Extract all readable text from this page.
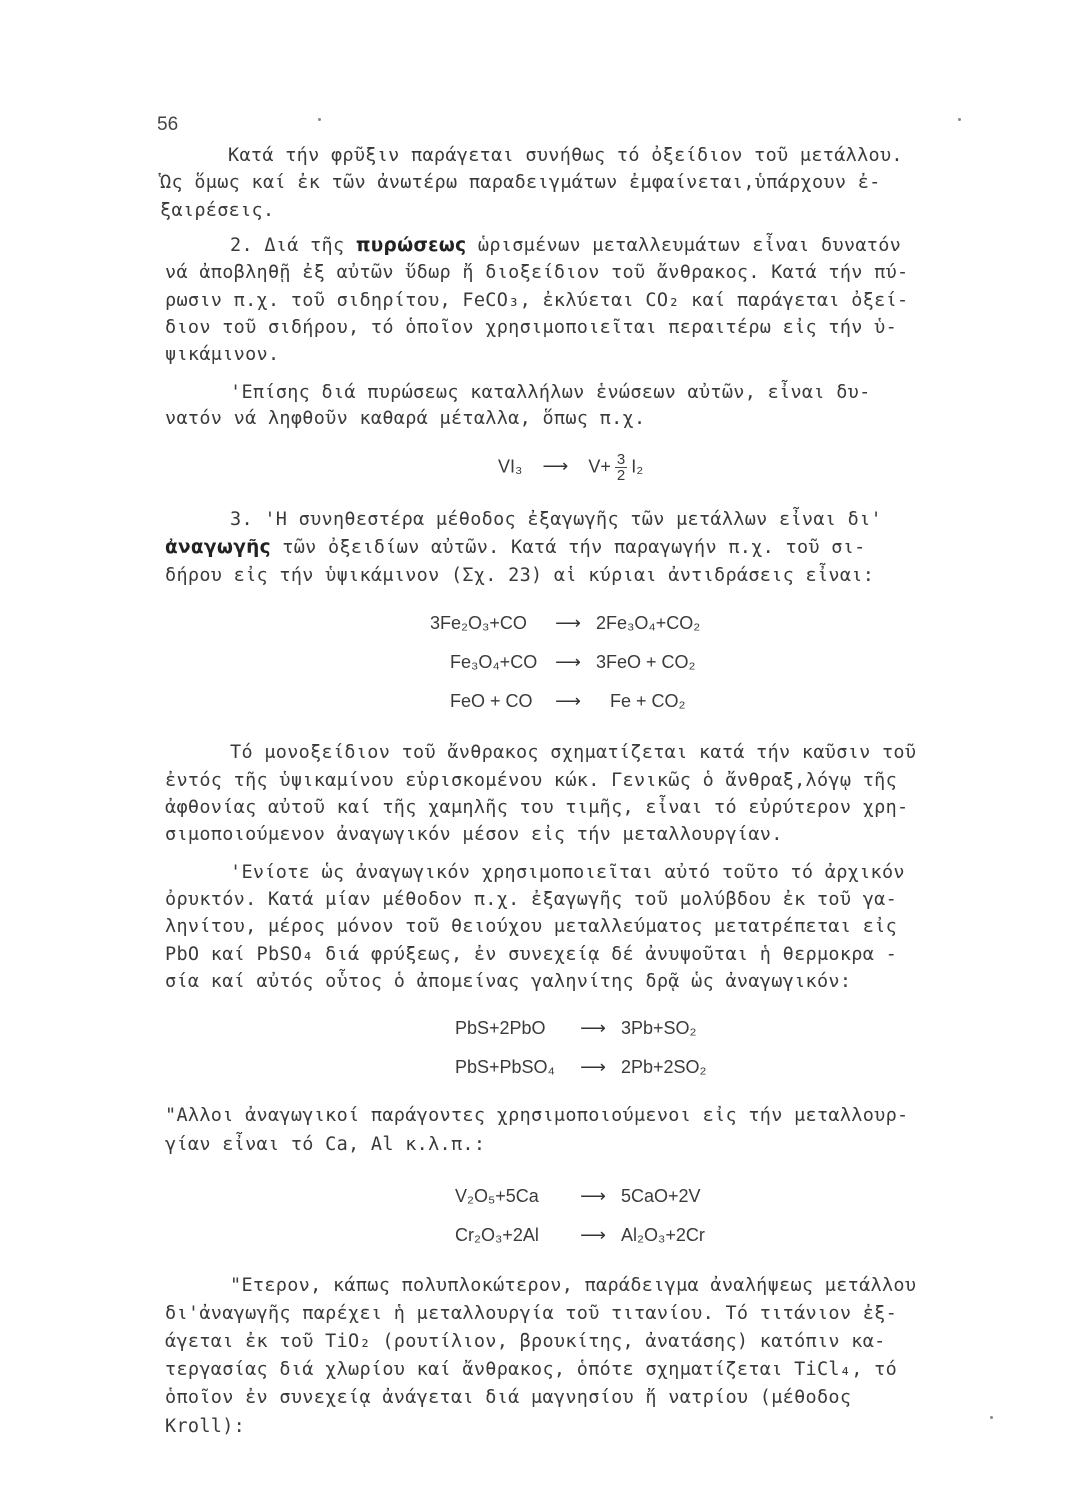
56
Κατά τήν φρῦξιν παράγεται συνήθως τό ὀξείδιον τοῦ μετάλλου.
Ὡς ὅμως καί ἐκ τῶν ἀνωτέρω παραδειγμάτων ἐμφαίνεται,ὑπάρχουν ἐ-
ξαιρέσεις.
2. Διά τῆς πυρώσεως ὡρισμένων μεταλλευμάτων εἶναι δυνατόν
νά ἀποβληθῇ ἐξ αὐτῶν ὕδωρ ἤ διοξείδιον τοῦ ἄνθρακος. Κατά τήν πύ-
ρωσιν π.χ. τοῦ σιδηρίτου, FeCO₃, ἐκλύεται CO₂ καί παράγεται ὀξεί-
διον τοῦ σιδήρου, τό ὁποῖον χρησιμοποιεῖται περαιτέρω εἰς τήν ὑ-
ψικάμινον.
'Επίσης διά πυρώσεως καταλλήλων ἑνώσεων αὐτῶν, εἶναι δυ-
νατόν νά ληφθοῦν καθαρά μέταλλα, ὅπως π.χ.
VI₃ ⟶ $V+ \frac{3}{2} I_2$
3. 'Η συνηθεστέρα μέθοδος ἐξαγωγῆς τῶν μετάλλων εἶναι δι'
ἀναγωγῆς τῶν ὀξειδίων αὐτῶν. Κατά τήν παραγωγήν π.χ. τοῦ σι-
δήρου εἰς τήν ὑψικάμινον (Σχ. 23) αἱ κύριαι ἀντιδράσεις εἶναι:
3Fe₂O₃+CO ⟶ 2Fe₃O₄+CO₂
Fe₃O₄+CO ⟶ 3FeO + CO₂
FeO + CO ⟶ Fe + CO₂
Τό μονοξείδιον τοῦ ἄνθρακος σχηματίζεται κατά τήν καῦσιν τοῦ
ἐντός τῆς ὑψικαμίνου εὑρισκομένου κώκ. Γενικῶς ὁ ἄνθραξ,λόγῳ τῆς
ἀφθονίας αὐτοῦ καί τῆς χαμηλῆς του τιμῆς, εἶναι τό εὐρύτερον χρη-
σιμοποιούμενον ἀναγωγικόν μέσον εἰς τήν μεταλλουργίαν.
'Ενίοτε ὡς ἀναγωγικόν χρησιμοποιεῖται αὐτό τοῦτο τό ἀρχικόν
ὀρυκτόν. Κατά μίαν μέθοδον π.χ. ἐξαγωγῆς τοῦ μολύβδου ἐκ τοῦ γα-
ληνίτου, μέρος μόνον τοῦ θειούχου μεταλλεύματος μετατρέπεται εἰς
PbO καί PbSO₄ διά φρύξεως, ἐν συνεχείᾳ δέ ἀνυψοῦται ἡ θερμοκρα -
σία καί αὐτός οὗτος ὁ ἀπομείνας γαληνίτης δρᾷ ὡς ἀναγωγικόν:
PbS+2PbO ⟶ 3Pb+SO₂
PbS+PbSO₄ ⟶ 2Pb+2SO₂
"Αλλοι ἀναγωγικοί παράγοντες χρησιμοποιούμενοι εἰς τήν μεταλλουρ-
γίαν εἶναι τό Ca, Al κ.λ.π.:
V₂O₅+5Ca ⟶ 5CaO+2V
Cr₂O₃+2Al ⟶ Al₂O₃+2Cr
"Ετερον, κάπως πολυπλοκώτερον, παράδειγμα ἀναλήψεως μετάλλου
δι'ἀναγωγῆς παρέχει ἡ μεταλλουργία τοῦ τιτανίου. Τό τιτάνιον ἐξ-
άγεται ἐκ τοῦ TiO₂ (ρουτίλιον, βρουκίτης, ἀνατάσης) κατόπιν κα-
τεργασίας διά χλωρίου καί ἄνθρακος, ὁπότε σχηματίζεται TiCl₄, τό
ὁποῖον ἐν συνεχείᾳ ἀνάγεται διά μαγνησίου ἤ νατρίου (μέθοδος
Kroll):
